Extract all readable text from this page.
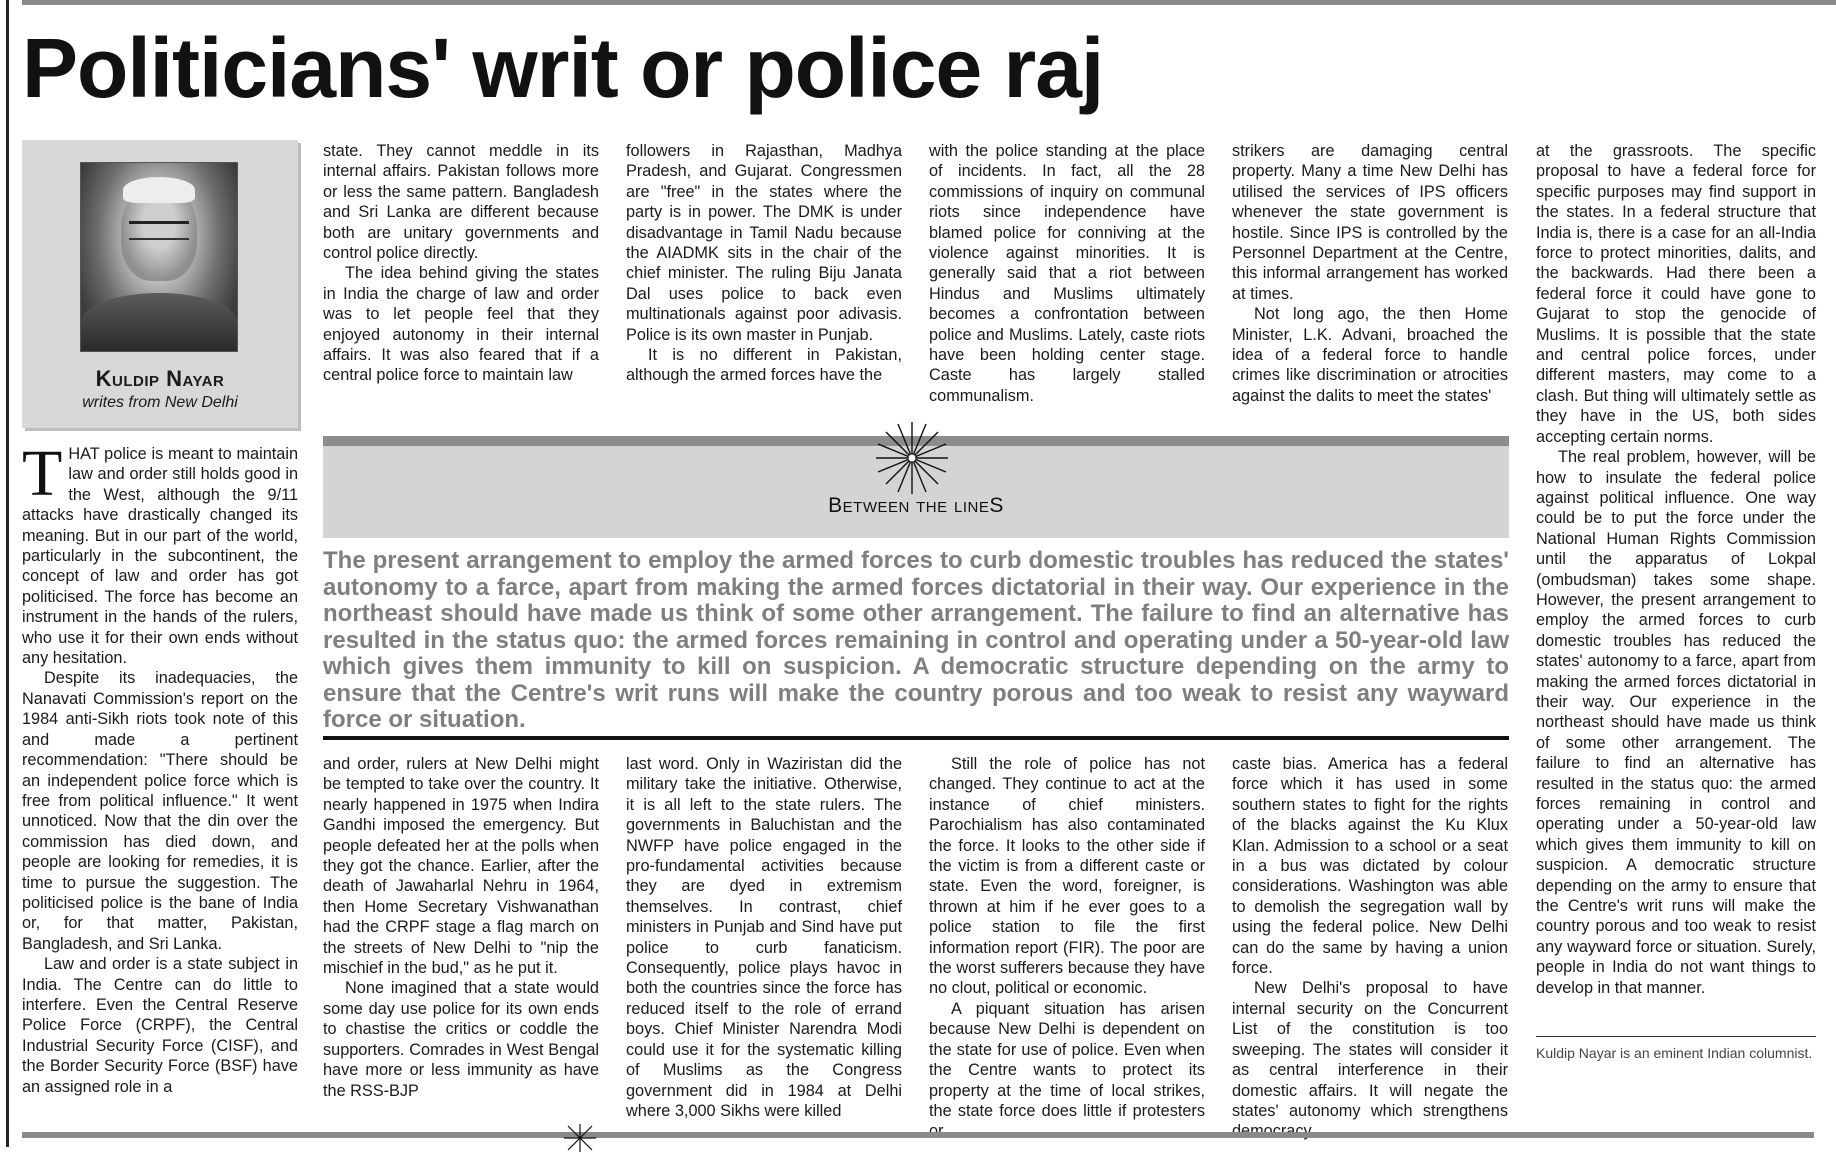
Politicians' writ or police raj
Kuldip Nayar
writes from New Delhi

THAT police is meant to maintain law and order still holds good in the West, although the 9/11 attacks have drastically changed its meaning. But in our part of the world, particularly in the subcontinent, the concept of law and order has got politicised. The force has become an instrument in the hands of the rulers, who use it for their own ends without any hesitation.

Despite its inadequacies, the Nanavati Commission's report on the 1984 anti-Sikh riots took note of this and made a pertinent recommendation: "There should be an independent police force which is free from political influence." It went unnoticed. Now that the din over the commission has died down, and people are looking for remedies, it is time to pursue the suggestion. The politicised police is the bane of India or, for that matter, Pakistan, Bangladesh, and Sri Lanka.

Law and order is a state subject in India. The Centre can do little to interfere. Even the Central Reserve Police Force (CRPF), the Central Industrial Security Force (CISF), and the Border Security Force (BSF) have an assigned role in a

state. They cannot meddle in its internal affairs. Pakistan follows more or less the same pattern. Bangladesh and Sri Lanka are different because both are unitary governments and control police directly.

The idea behind giving the states in India the charge of law and order was to let people feel that they enjoyed autonomy in their internal affairs. It was also feared that if a central police force to maintain law

followers in Rajasthan, Madhya Pradesh, and Gujarat. Congressmen are "free" in the states where the party is in power. The DMK is under disadvantage in Tamil Nadu because the AIADMK sits in the chair of the chief minister. The ruling Biju Janata Dal uses police to back even multinationals against poor adivasis. Police is its own master in Punjab.

It is no different in Pakistan, although the armed forces have the

with the police standing at the place of incidents. In fact, all the 28 commissions of inquiry on communal riots since independence have blamed police for conniving at the violence against minorities. It is generally said that a riot between Hindus and Muslims ultimately becomes a confrontation between police and Muslims. Lately, caste riots have been holding center stage. Caste has largely stalled communalism.

strikers are damaging central property. Many a time New Delhi has utilised the services of IPS officers whenever the state government is hostile. Since IPS is controlled by the Personnel Department at the Centre, this informal arrangement has worked at times.

Not long ago, the then Home Minister, L.K. Advani, broached the idea of a federal force to handle crimes like discrimination or atrocities against the dalits to meet the states'

Between the lineS

The present arrangement to employ the armed forces to curb domestic troubles has reduced the states' autonomy to a farce, apart from making the armed forces dictatorial in their way. Our experience in the northeast should have made us think of some other arrangement. The failure to find an alternative has resulted in the status quo: the armed forces remaining in control and operating under a 50-year-old law which gives them immunity to kill on suspicion. A democratic structure depending on the army to ensure that the Centre's writ runs will make the country porous and too weak to resist any wayward force or situation.

and order, rulers at New Delhi might be tempted to take over the country. It nearly happened in 1975 when Indira Gandhi imposed the emergency. But people defeated her at the polls when they got the chance. Earlier, after the death of Jawaharlal Nehru in 1964, then Home Secretary Vishwanathan had the CRPF stage a flag march on the streets of New Delhi to "nip the mischief in the bud," as he put it.

None imagined that a state would some day use police for its own ends to chastise the critics or coddle the supporters. Comrades in West Bengal have more or less immunity as have the RSS-BJP

last word. Only in Waziristan did the military take the initiative. Otherwise, it is all left to the state rulers. The governments in Baluchistan and the NWFP have police engaged in the pro-fundamental activities because they are dyed in extremism themselves. In contrast, chief ministers in Punjab and Sind have put police to curb fanaticism. Consequently, police plays havoc in both the countries since the force has reduced itself to the role of errand boys. Chief Minister Narendra Modi could use it for the systematic killing of Muslims as the Congress government did in 1984 at Delhi where 3,000 Sikhs were killed

Still the role of police has not changed. They continue to act at the instance of chief ministers. Parochialism has also contaminated the force. It looks to the other side if the victim is from a different caste or state. Even the word, foreigner, is thrown at him if he ever goes to a police station to file the first information report (FIR). The poor are the worst sufferers because they have no clout, political or economic.

A piquant situation has arisen because New Delhi is dependent on the state for use of police. Even when the Centre wants to protect its property at the time of local strikes, the state force does little if protesters

caste bias. America has a federal force which it has used in some southern states to fight for the rights of the blacks against the Ku Klux Klan. Admission to a school or a seat in a bus was dictated by colour considerations. Washington was able to demolish the segregation wall by using the federal police. New Delhi can do the same by having a union force.

New Delhi's proposal to have internal security on the Concurrent List of the constitution is too sweeping. The states will consider it as central interference in their domestic affairs. It will negate the states' autonomy which strengthens

at the grassroots. The specific proposal to have a federal force for specific purposes may find support in the states. In a federal structure that India is, there is a case for an all-India force to protect minorities, dalits, and the backwards. Had there been a federal force it could have gone to Gujarat to stop the genocide of Muslims. It is possible that the state and central police forces, under different masters, may come to a clash. But thing will ultimately settle as they have in the US, both sides accepting certain norms.

The real problem, however, will be how to insulate the federal police against political influence. One way could be to put the force under the National Human Rights Commission until the apparatus of Lokpal (ombudsman) takes some shape. However, the present arrangement to employ the armed forces to curb domestic troubles has reduced the states' autonomy to a farce, apart from making the armed forces dictatorial in their way. Our experience in the northeast should have made us think of some other arrangement. The failure to find an alternative has resulted in the status quo: the armed forces remaining in control and operating under a 50-year-old law which gives them immunity to kill on suspicion. A democratic structure depending on the army to ensure that the Centre's writ runs will make the country porous and too weak to resist any wayward force or situation. Surely, people in India do not want things to develop in that manner.

Kuldip Nayar is an eminent Indian columnist.
